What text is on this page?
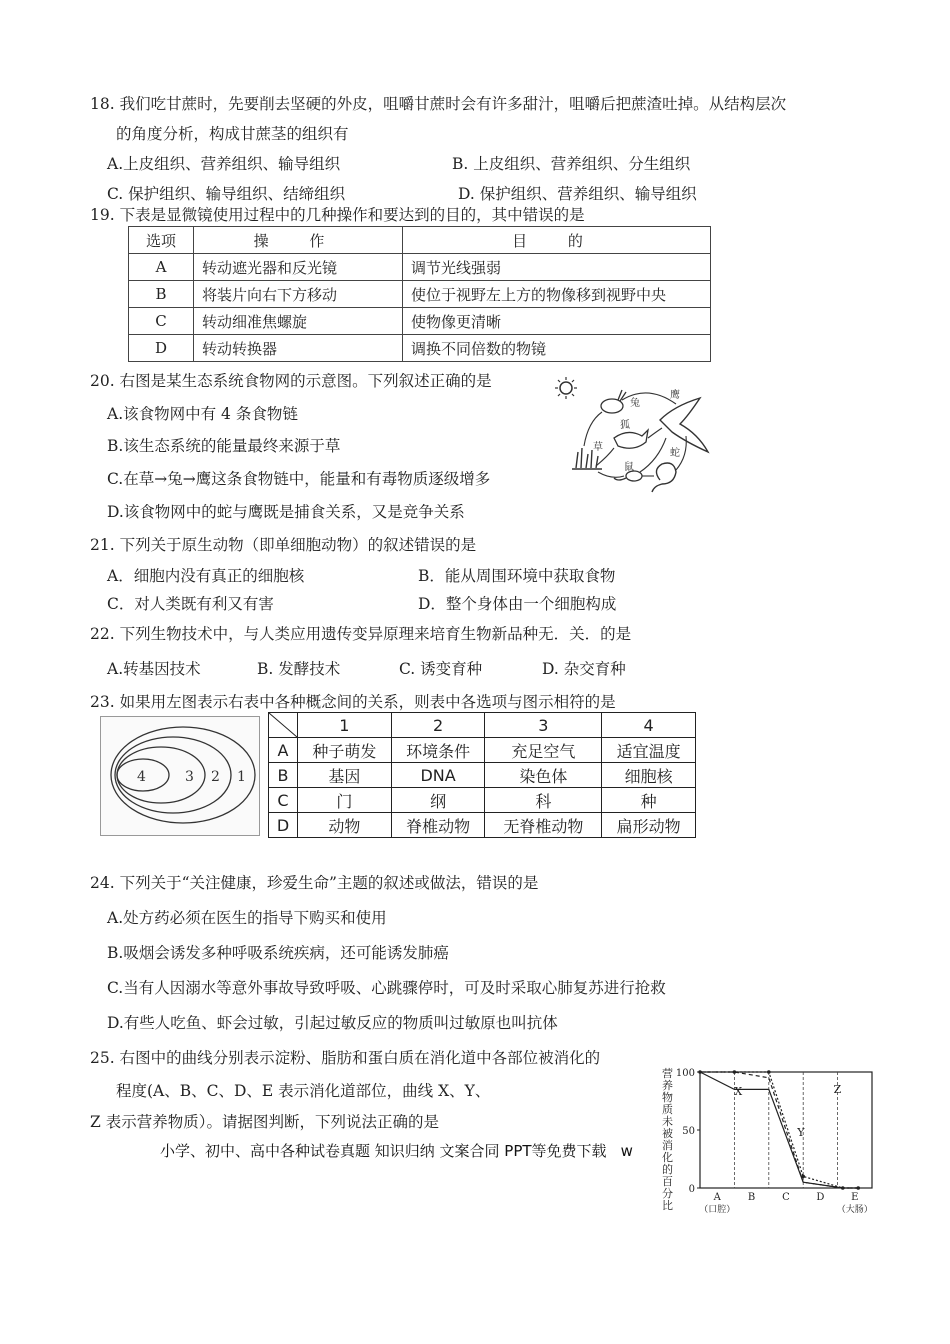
18. 我们吃甘蔗时，先要削去坚硬的外皮，咀嚼甘蔗时会有许多甜汁，咀嚼后把蔗渣吐掉。从结构层次
的角度分析，构成甘蔗茎的组织有
A.上皮组织、营养组织、输导组织	B. 上皮组织、营养组织、分生组织
C. 保护组织、输导组织、结缔组织	D. 保护组织、营养组织、输导组织
19. 下表是显微镜使用过程中的几种操作和要达到的目的，其中错误的是
选项	操 作	目 的
A	转动遮光器和反光镜	调节光线强弱
B	将装片向右下方移动	使位于视野左上方的物像移到视野中央
C	转动细准焦螺旋	使物像更清晰
D	转动转换器	调换不同倍数的物镜
20. 右图是某生态系统食物网的示意图。下列叙述正确的是
A.该食物网中有 4 条食物链
B.该生态系统的能量最终来源于草
C.在草→兔→鹰这条食物链中，能量和有毒物质逐级增多
D.该食物网中的蛇与鹰既是捕食关系，又是竞争关系
草
兔
狐
鹰
鼠
蛇
21. 下列关于原生动物（即单细胞动物）的叙述错误的是
A．细胞内没有真正的细胞核	B．能从周围环境中获取食物
C．对人类既有利又有害	D．整个身体由一个细胞构成
22. 下列生物技术中，与人类应用遗传变异原理来培育生物新品种无．关．的是
A.转基因技术	B. 发酵技术	C. 诱变育种	D. 杂交育种
23. 如果用左图表示右表中各种概念间的关系，则表中各选项与图示相符的是
4	3 2 1
	1	2	3	4
A	种子萌发	环境条件	充足空气	适宜温度
B	基因	DNA	染色体	细胞核
C	门	纲	科	种
D	动物	脊椎动物	无脊椎动物	扁形动物
24. 下列关于“关注健康，珍爱生命”主题的叙述或做法，错误的是
A.处方药必须在医生的指导下购买和使用
B.吸烟会诱发多种呼吸系统疾病，还可能诱发肺癌
C.当有人因溺水等意外事故导致呼吸、心跳骤停时，可及时采取心肺复苏进行抢救
D.有些人吃鱼、虾会过敏，引起过敏反应的物质叫过敏原也叫抗体
25. 右图中的曲线分别表示淀粉、脂肪和蛋白质在消化道中各部位被消化的
程度(A、B、C、D、E 表示消化道部位，曲线 X、Y、
Z 表示营养物质）。请据图判断，下列说法正确的是
小学、初中、高中各种试卷真题 知识归纳 文案合同 PPT等免费下载 w
营养物质未被消化的百分比
100
50
0
A
（口腔）
B	C	D	E
（大肠）
X
Y
Z
